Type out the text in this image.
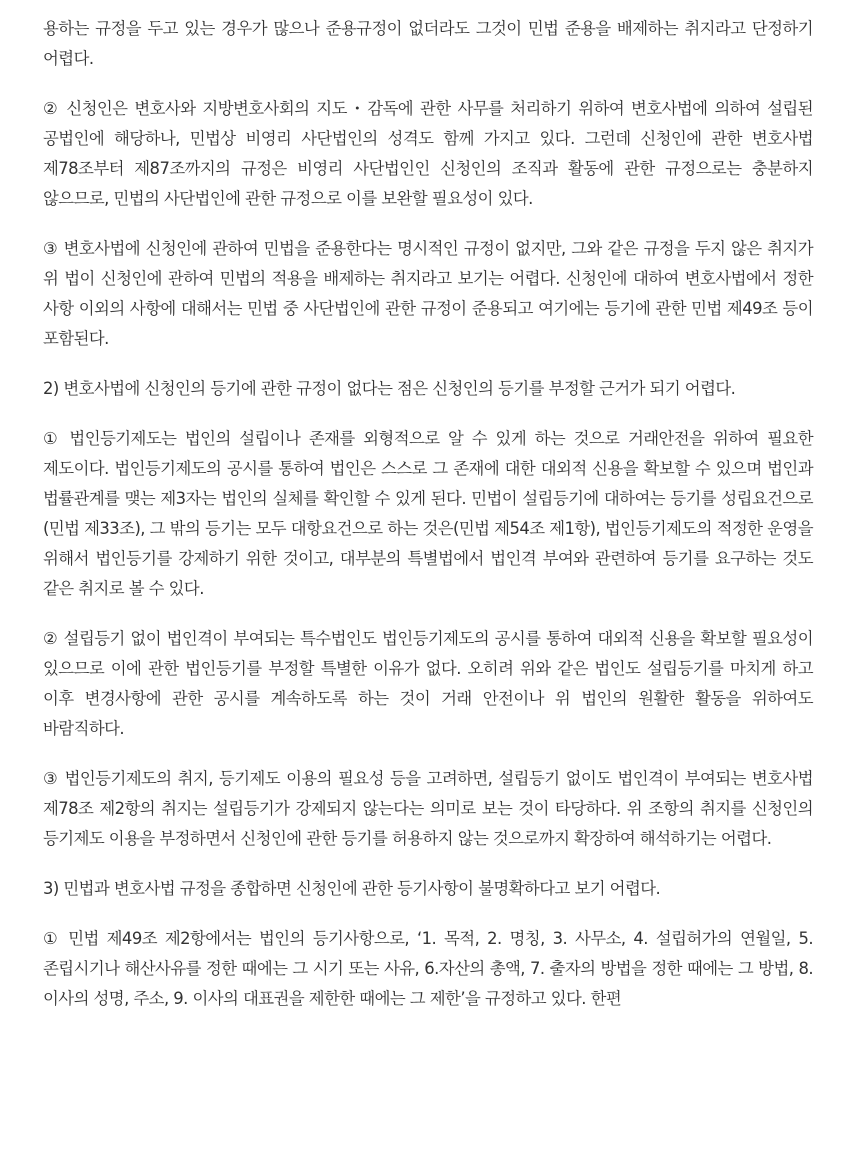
용하는 규정을 두고 있는 경우가 많으나 준용규정이 없더라도 그것이 민법 준용을 배제하는 취지라고 단정하기 어렵다.

② 신청인은 변호사와 지방변호사회의 지도・감독에 관한 사무를 처리하기 위하여 변호사법에 의하여 설립된 공법인에 해당하나, 민법상 비영리 사단법인의 성격도 함께 가지고 있다. 그런데 신청인에 관한 변호사법 제78조부터 제87조까지의 규정은 비영리 사단법인인 신청인의 조직과 활동에 관한 규정으로는 충분하지 않으므로, 민법의 사단법인에 관한 규정으로 이를 보완할 필요성이 있다.

③ 변호사법에 신청인에 관하여 민법을 준용한다는 명시적인 규정이 없지만, 그와 같은 규정을 두지 않은 취지가 위 법이 신청인에 관하여 민법의 적용을 배제하는 취지라고 보기는 어렵다. 신청인에 대하여 변호사법에서 정한 사항 이외의 사항에 대해서는 민법 중 사단법인에 관한 규정이 준용되고 여기에는 등기에 관한 민법 제49조 등이 포함된다.

2) 변호사법에 신청인의 등기에 관한 규정이 없다는 점은 신청인의 등기를 부정할 근거가 되기 어렵다.

① 법인등기제도는 법인의 설립이나 존재를 외형적으로 알 수 있게 하는 것으로 거래안전을 위하여 필요한 제도이다. 법인등기제도의 공시를 통하여 법인은 스스로 그 존재에 대한 대외적 신용을 확보할 수 있으며 법인과 법률관계를 맺는 제3자는 법인의 실체를 확인할 수 있게 된다. 민법이 설립등기에 대하여는 등기를 성립요건으로(민법 제33조), 그 밖의 등기는 모두 대항요건으로 하는 것은(민법 제54조 제1항), 법인등기제도의 적정한 운영을 위해서 법인등기를 강제하기 위한 것이고, 대부분의 특별법에서 법인격 부여와 관련하여 등기를 요구하는 것도 같은 취지로 볼 수 있다.

② 설립등기 없이 법인격이 부여되는 특수법인도 법인등기제도의 공시를 통하여 대외적 신용을 확보할 필요성이 있으므로 이에 관한 법인등기를 부정할 특별한 이유가 없다. 오히려 위와 같은 법인도 설립등기를 마치게 하고 이후 변경사항에 관한 공시를 계속하도록 하는 것이 거래 안전이나 위 법인의 원활한 활동을 위하여도 바람직하다.

③ 법인등기제도의 취지, 등기제도 이용의 필요성 등을 고려하면, 설립등기 없이도 법인격이 부여되는 변호사법 제78조 제2항의 취지는 설립등기가 강제되지 않는다는 의미로 보는 것이 타당하다. 위 조항의 취지를 신청인의 등기제도 이용을 부정하면서 신청인에 관한 등기를 허용하지 않는 것으로까지 확장하여 해석하기는 어렵다.

3) 민법과 변호사법 규정을 종합하면 신청인에 관한 등기사항이 불명확하다고 보기 어렵다.

① 민법 제49조 제2항에서는 법인의 등기사항으로, ‘1. 목적, 2. 명칭, 3. 사무소, 4. 설립허가의 연월일, 5. 존립시기나 해산사유를 정한 때에는 그 시기 또는 사유, 6.자산의 총액, 7. 출자의 방법을 정한 때에는 그 방법, 8. 이사의 성명, 주소, 9. 이사의 대표권을 제한한 때에는 그 제한’을 규정하고 있다. 한편
